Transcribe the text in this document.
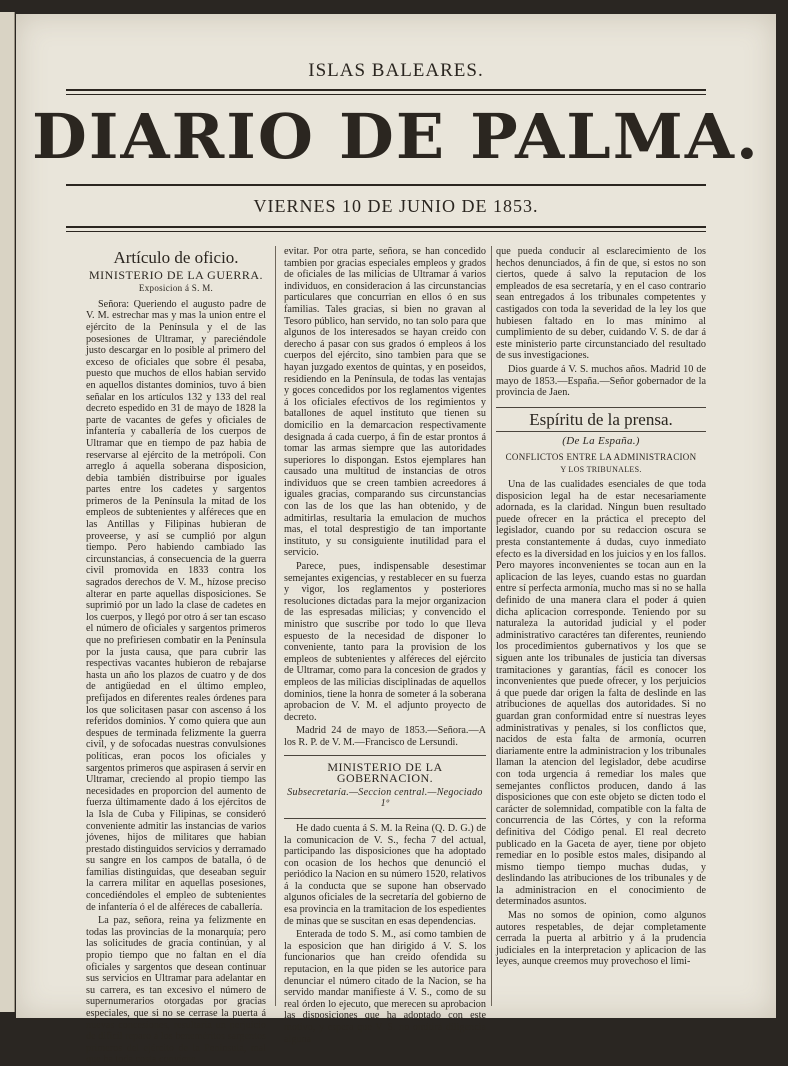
ISLAS BALEARES.
DIARIO DE PALMA.
VIERNES 10 DE JUNIO DE 1853.
Artículo de oficio.
MINISTERIO DE LA GUERRA.
Exposicion á S. M.

Señora: Queriendo el augusto padre de V. M. estrechar mas y mas la union entre el ejército de la Península y el de las posesiones de Ultramar, y pareciéndole justo descargar en lo posible al primero del exceso de oficiales que sobre él pesaba, puesto que muchos de ellos habian servido en aquellos distantes dominios, tuvo á bien señalar en los artículos 132 y 133 del real decreto espedido en 31 de mayo de 1828 la parte de vacantes de gefes y oficiales de infantería y caballería de los cuerpos de Ultramar que en tiempo de paz habia de reservarse al ejército de la metrópoli. Con arreglo á aquella soberana disposicion, debia también distribuirse por iguales partes entre los cadetes y sargentos primeros de la Península la mitad de los empleos de subtenientes y alféreces que en las Antillas y Filipinas hubieran de proveerse, y así se cumplió por algun tiempo. Pero habiendo cambiado las circunstancias, á consecuencia de la guerra civil promovida en 1833 contra los sagrados derechos de V. M., hízose preciso alterar en parte aquellas disposiciones. Se suprimió por un lado la clase de cadetes en los cuerpos, y llegó por otro á ser tan escaso el número de oficiales y sargentos primeros que no prefiriesen combatir en la Península por la justa causa, que para cubrir las respectivas vacantes hubieron de rebajarse hasta un año los plazos de cuatro y de dos de antigüedad en el último empleo, prefijados en diferentes reales órdenes para los que solicitasen pasar con ascenso á los referidos dominios. Y como quiera que aun despues de terminada felizmente la guerra civil, y de sofocadas nuestras convulsiones políticas, eran pocos los oficiales y sargentos primeros que aspirasen á servir en Ultramar, creciendo al propio tiempo las necesidades en proporcion del aumento de fuerza últimamente dado á los ejércitos de la Isla de Cuba y Filipinas, se consideró conveniente admitir las instancias de varios jóvenes, hijos de militares que habian prestado distinguidos servicios y derramado su sangre en los campos de batalla, ó de familias distinguidas, que deseaban seguir la carrera militar en aquellas posesiones, concediéndoles el empleo de subtenientes de infantería ó el de alféreces de caballería.

La paz, señora, reina ya felizmente en todas las provincias de la monarquía; pero las solicitudes de gracia continúan, y al propio tiempo que no faltan en el día oficiales y sargentos que desean continuar sus servicios en Ultramar para adelantar en su carrera, es tan excesivo el número de supernumerarios otorgadas por gracias especiales, que si no se cerrase la puerta á nuevas concesiones, resultaria un perjuicio de difícil reparo á los beneméritos sargentos primeros del ejército de la Península, mal que ha toda costa conviene

evitar. Por otra parte, señora, se han concedido tambien por gracias especiales empleos y grados de oficiales de las milicias de Ultramar á varios individuos, en consideracion á las circunstancias particulares que concurrian en ellos ó en sus familias. Tales gracias, si bien no gravan al Tesoro público, han servido, no tan solo para que algunos de los interesados se hayan creido con derecho á pasar con sus grados ó empleos á los cuerpos del ejército, sino tambien para que se hayan juzgado exentos de quintas, y en poseidos, residiendo en la Península, de todas las ventajas y goces concedidos por los reglamentos vigentes á los oficiales efectivos de los regimientos y batallones de aquel instituto que tienen su domicilio en la demarcacion respectivamente designada á cada cuerpo, á fin de estar prontos á tomar las armas siempre que las autoridades superiores lo dispongan. Estos ejemplares han causado una multitud de instancias de otros individuos que se creen tambien acreedores á iguales gracias, comparando sus circunstancias con las de los que las han obtenido, y de admitirlas, resultaria la emulacion de muchos mas, el total desprestigio de tan importante instituto, y su consiguiente inutilidad para el servicio.

Parece, pues, indispensable desestimar semejantes exigencias, y restablecer en su fuerza y vigor, los reglamentos y posteriores resoluciones dictadas para la mejor organizacion de las espresadas milicias; y convencido el ministro que suscribe por todo lo que lleva espuesto de la necesidad de disponer lo conveniente, tanto para la provision de los empleos de subtenientes y alféreces del ejército de Ultramar, como para la concesion de grados y empleos de las milicias disciplinadas de aquellos dominios, tiene la honra de someter á la soberana aprobacion de V. M. el adjunto proyecto de decreto.

Madrid 24 de mayo de 1853.—Señora.—A los R. P. de V. M.—Francisco de Lersundi.

MINISTERIO DE LA GOBERNACION.
Subsecretaría.—Seccion central.—Negociado 1º

He dado cuenta á S. M. la Reina (Q. D. G.) de la comunicacion de V. S., fecha 7 del actual, participando las disposiciones que ha adoptado con ocasion de los hechos que denunció el periódico la Nacion en su número 1520, relativos á la conducta que se supone han observado algunos oficiales de la secretaría del gobierno de esa provincia en la tramitacion de los espedientes de minas que se suscitan en esas dependencias.

Enterada de todo S. M., así como tambien de la esposicion que han dirigido á V. S. los funcionarios que han creido ofendida su reputacion, en la que piden se les autorice para denunciar el número citado de la Nacion, se ha servido mandar manifieste á V. S., como de su real órden lo ejecuto, que merecen su aprobacion las disposiciones que ha adoptado con este motivo, y espera que V. S. no omitirá diligencia alguna

que pueda conducir al esclarecimiento de los hechos denunciados, á fin de que, si estos no son ciertos, quede á salvo la reputacion de los empleados de esa secretaría, y en el caso contrario sean entregados á los tribunales competentes y castigados con toda la severidad de la ley los que hubiesen faltado en lo mas mínimo al cumplimiento de su deber, cuidando V. S. de dar á este ministerio parte circunstanciado del resultado de sus investigaciones.

Dios guarde á V. S. muchos años. Madrid 10 de mayo de 1853.—España.—Señor gobernador de la provincia de Jaen.

Espíritu de la prensa.
(De La España.)
CONFLICTOS ENTRE LA ADMINISTRACION
Y LOS TRIBUNALES.

Una de las cualidades esenciales de que toda disposicion legal ha de estar necesariamente adornada, es la claridad. Ningun buen resultado puede ofrecer en la práctica el precepto del legislador, cuando por su redaccion oscura se presta constantemente á dudas, cuyo inmediato efecto es la diversidad en los juicios y en los fallos. Pero mayores inconvenientes se tocan aun en la aplicacion de las leyes, cuando estas no guardan entre sí perfecta armonía, mucho mas si no se halla definido de una manera clara el poder á quien dicha aplicacion corresponde. Teniendo por su naturaleza la autoridad judicial y el poder administrativo caractéres tan diferentes, reuniendo los procedimientos gubernativos y los que se siguen ante los tribunales de justicia tan diversas tramitaciones y garantías, fácil es conocer los inconvenientes que puede ofrecer, y los perjuicios á que puede dar origen la falta de deslinde en las atribuciones de aquellas dos autoridades. Si no guardan gran conformidad entre sí nuestras leyes administrativas y penales, si los conflictos que, nacidos de esta falta de armonía, ocurren diariamente entre la administracion y los tribunales llaman la atencion del legislador, debe acudirse con toda urgencia á remediar los males que semejantes conflictos producen, dando á las disposiciones que con este objeto se dicten todo el carácter de solemnidad, compatible con la falta de concurrencia de las Córtes, y con la reforma definitiva del Código penal. El real decreto publicado en la Gaceta de ayer, tiene por objeto remediar en lo posible estos males, disipando al mismo tiempo tiempo muchas dudas, y deslindando las atribuciones de los tribunales y de la administracion en el conocimiento de determinados asuntos.

Mas no somos de opinion, como algunos autores respetables, de dejar completamente cerrada la puerta al arbitrio y á la prudencia judiciales en la interpretacion y aplicacion de las leyes, aunque creemos muy provechoso el limi-
